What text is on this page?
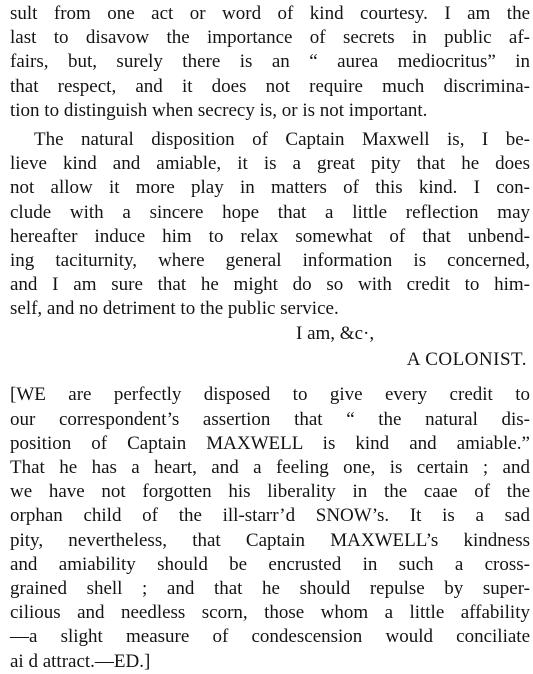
sult from one act or word of kind courtesy. I am the
last to disavow the importance of secrets in public af-
fairs, but, surely there is an “ aurea mediocritus” in
that respect, and it does not require much discrimina-
tion to distinguish when secrecy is, or is not important.
The natural disposition of Captain Maxwell is, I be-
lieve kind and amiable, it is a great pity that he does
not allow it more play in matters of this kind. I con-
clude with a sincere hope that a little reflection may
hereafter induce him to relax somewhat of that unbend-
ing taciturnity, where general information is concerned,
and I am sure that he might do so with credit to him-
self, and no detriment to the public service.
I am, &c·,
A COLONIST.
[WE are perfectly disposed to give every credit to
our correspondent’s assertion that “ the natural dis-
position of Captain MAXWELL is kind and amiable.”
That he has a heart, and a feeling one, is certain ; and
we have not forgotten his liberality in the caae of the
orphan child of the ill-starr’d SNOW’s. It is a sad
pity, nevertheless, that Captain MAXWELL’s kindness
and amiability should be encrusted in such a cross-
grained shell ; and that he should repulse by super-
cilious and needless scorn, those whom a little affability
—a slight measure of condescension would conciliate
ai d attract.—ED.]
